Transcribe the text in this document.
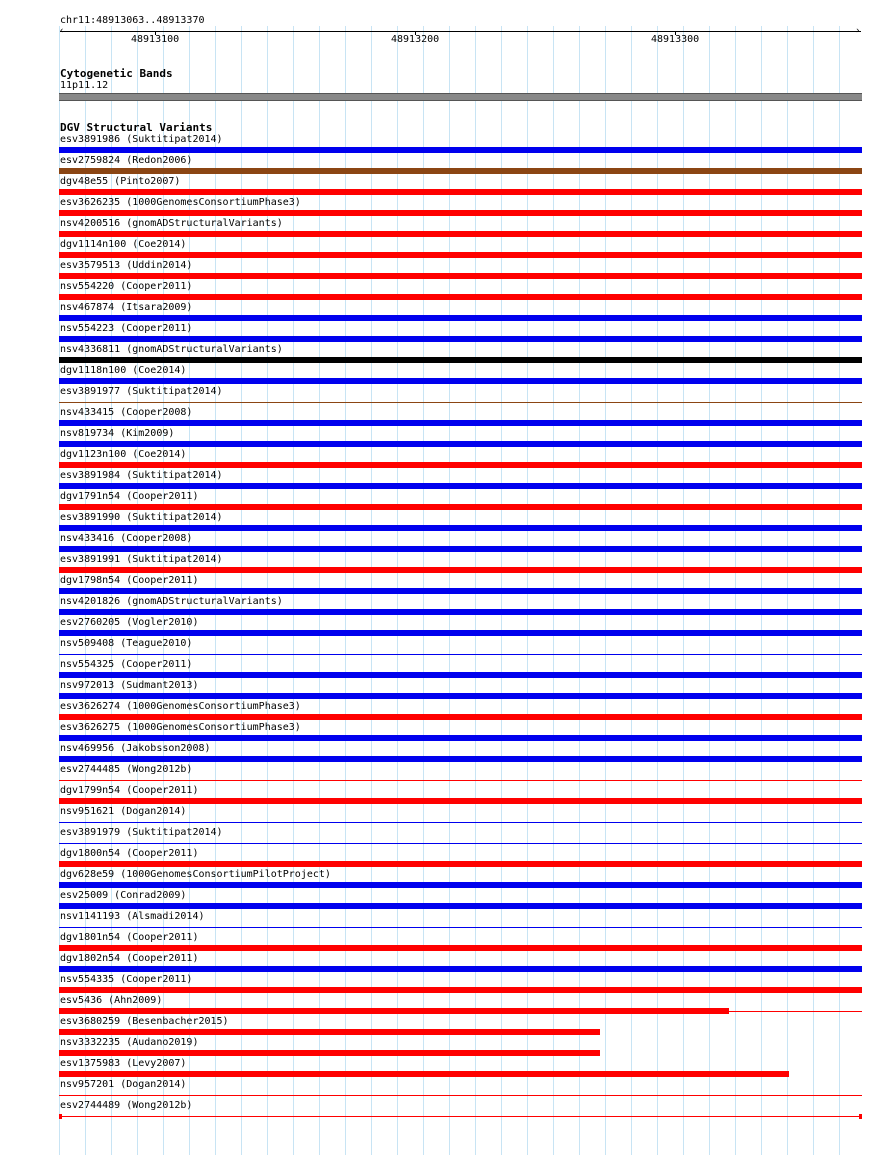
chr11:48913063..48913370
›
48913100	48913200	48913300
Cytogenetic Bands
11p11.12
DGV Structural Variants
esv3891986 (Suktitipat2014)
esv2759824 (Redon2006)
dgv48e55 (Pinto2007)
esv3626235 (1000GenomesConsortiumPhase3)
nsv4200516 (gnomADStructuralVariants)
dgv1114n100 (Coe2014)
esv3579513 (Uddin2014)
nsv554220 (Cooper2011)
nsv467874 (Itsara2009)
nsv554223 (Cooper2011)
nsv4336811 (gnomADStructuralVariants)
dgv1118n100 (Coe2014)
esv3891977 (Suktitipat2014)
nsv433415 (Cooper2008)
nsv819734 (Kim2009)
dgv1123n100 (Coe2014)
esv3891984 (Suktitipat2014)
dgv1791n54 (Cooper2011)
esv3891990 (Suktitipat2014)
nsv433416 (Cooper2008)
esv3891991 (Suktitipat2014)
dgv1798n54 (Cooper2011)
nsv4201826 (gnomADStructuralVariants)
esv2760205 (Vogler2010)
nsv509408 (Teague2010)
nsv554325 (Cooper2011)
nsv972013 (Sudmant2013)
esv3626274 (1000GenomesConsortiumPhase3)
esv3626275 (1000GenomesConsortiumPhase3)
nsv469956 (Jakobsson2008)
esv2744485 (Wong2012b)
dgv1799n54 (Cooper2011)
nsv951621 (Dogan2014)
esv3891979 (Suktitipat2014)
dgv1800n54 (Cooper2011)
dgv628e59 (1000GenomesConsortiumPilotProject)
esv25009 (Conrad2009)
nsv1141193 (Alsmadi2014)
dgv1801n54 (Cooper2011)
dgv1802n54 (Cooper2011)
nsv554335 (Cooper2011)
esv5436 (Ahn2009)
esv3680259 (Besenbacher2015)
nsv3332235 (Audano2019)
esv1375983 (Levy2007)
nsv957201 (Dogan2014)
esv2744489 (Wong2012b)
